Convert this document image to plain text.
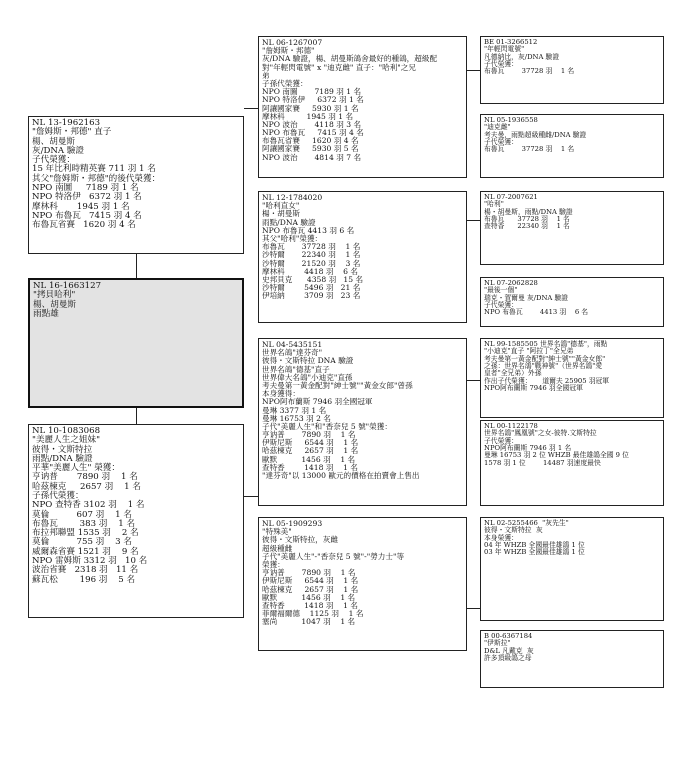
NL 13-1962163
"詹姆斯・邦德" 直子
楊、胡曼斯
灰/DNA 驗證
子代榮獲：
15 年比利時精英賽 711 羽 1 名
其父"詹姆斯・邦德"的後代榮獲：
NPO 南圖     7189 羽 1 名
NPO 特洛伊   6372 羽 1 名
摩林科       1945 羽 1 名
NPO 布魯瓦   7415 羽 4 名
布魯瓦省賽   1620 羽 4 名
NL 16-1663127
"拷貝哈利"
楊、胡曼斯
雨點雄
NL 10-1083068
"美麗人生之姐妹"
彼得・文斯特拉
雨點/DNA 驗證
平華"美麗人生" 榮獲：
亨讷普       7890 羽    1 名
哈茲楝克     2657 羽    1 名
子孫代榮獲：
NPO 查特香 3102 羽    1 名
莫倫          607 羽    1 名
布魯瓦        383 羽    1 名
布拉邦聯盟 1535 羽    2 名
莫倫          755 羽    3 名
威爾森省賽 1521 羽    9 名
NPO 雷姆斯 3312 羽   10 名
波治省賽   2318 羽   11 名
蘇瓦松        196 羽    5 名
NL 06-1267007
"詹姆斯・邦德"
灰/DNA 驗證，楊、胡曼斯鴿舍最好的種鴿，超級配
對"年輕閃電號" x "迪克雌" 直子："哈利"之兄
弟
子孫代榮獲：
NPO 南圖       7189 羽 1 名
NPO 特洛伊     6372 羽 1 名
阿讓國家賽     5930 羽 1 名
摩林科         1945 羽 1 名
NPO 波治       4118 羽 3 名
NPO 布魯瓦     7415 羽 4 名
布魯瓦省賽     1620 羽 4 名
阿讓國家賽     5930 羽 5 名
NPO 波治       4814 羽 7 名
NL 12-1784020
"哈利直女"
楊・胡曼斯
雨點/DNA 驗證
NPO 布魯瓦 4413 羽 6 名
其父"哈利"榮獲：
布魯瓦       37728 羽    1 名
沙特爾       22340 羽    1 名
沙特爾       21520 羽    3 名
摩林科        4418 羽    6 名
史邦貝克      4358 羽   15 名
沙特爾        5496 羽   21 名
伊培納        3709 羽   23 名
NL 04-5435151
世界名鴿"達芬奇"
彼得・文斯特拉 DNA 驗證
世界名鴿"德基"直子
世界偉大名鴿"小迪克"直孫
考夫曼第一黃金配對"紳士號""黃金女郎"曾孫
本身獲得：
NPO阿布蘭斯 7946 羽全國冠軍
曼琳 3377 羽 1 名
曼琳 16753 羽 2 名
子代"美麗人生"和"香奈兒 5 號"榮獲：
亨讷普       7890 羽    1 名
伊斯尼斯     6544 羽    1 名
哈茲楝克     2657 羽    1 名
歐默          1456 羽    1 名
查特香        1418 羽    1 名
"達芬奇"以 13000 歐元的價格在拍賣會上售出
NL 05-1909293
"特殊美"
彼得・文斯特拉，灰雌
超級種雌
子代"美麗人生"-"香奈兒 5 號"-"勞力士"等
榮獲：
亨讷普       7890 羽    1 名
伊斯尼斯     6544 羽    1 名
哈茲楝克     2657 羽    1 名
歐默          1456 羽    1 名
查特香        1418 羽    1 名
菲爾福爾德    1125 羽    1 名
塞尚          1047 羽    1 名
BE 01-3266512
"年輕閃電號"
凡德納比，灰/DNA 驗證
子代榮獲：
布魯瓦        37728 羽    1 名
NL 05-1936558
"迪克雌"
考夫曼，雨點超級種雌/DNA 驗證
子代榮獲：
布魯瓦        37728 羽    1 名
NL 07-2007621
"哈利"
楊・胡曼斯，雨點/DNA 驗證
布魯瓦      37728 羽    1 名
查特香      22340 羽    1 名
NL 07-2062828
"最後一個"
瑞克・賀爾曼 灰/DNA 驗證
子代榮獲：
NPO 布魯瓦        4413 羽    6 名
NL 99-1585505 世界名鴿"德基"，雨點
"小迪克"直子 "阿拉丁"全兄弟
考夫曼第一黃金配對"紳士號""黃金女郎"
之孫：世界名鴿"戰神號"（世界名鴿"愛
皇者"全兄弟）外孫
作出子代榮獲：     道爾夫 25905 羽冠軍
NPO阿布蘭斯 7946 羽全國冠軍
NL 00-1122178
世界名鴿"鳳凰號"之女-彼特.文斯特拉
子代榮獲：
NPO阿布蘭斯 7946 羽 1 名
曼琳 16753 羽 2 位 WHZB 最佳雄鴿全國 9 位
1578 羽 1 位        14487 羽速度最快
NL 02-5255466  "灰先生"
彼得・文斯特拉  灰
本身榮獲：
04 年 WHZB 全國最佳雄鴿 1 位
03 年 WHZB 全國最佳雄鴿 1 位
B 00-6367184
"伊斯拉"
D&L 凡戴克  灰
許多頂級鴿之母
